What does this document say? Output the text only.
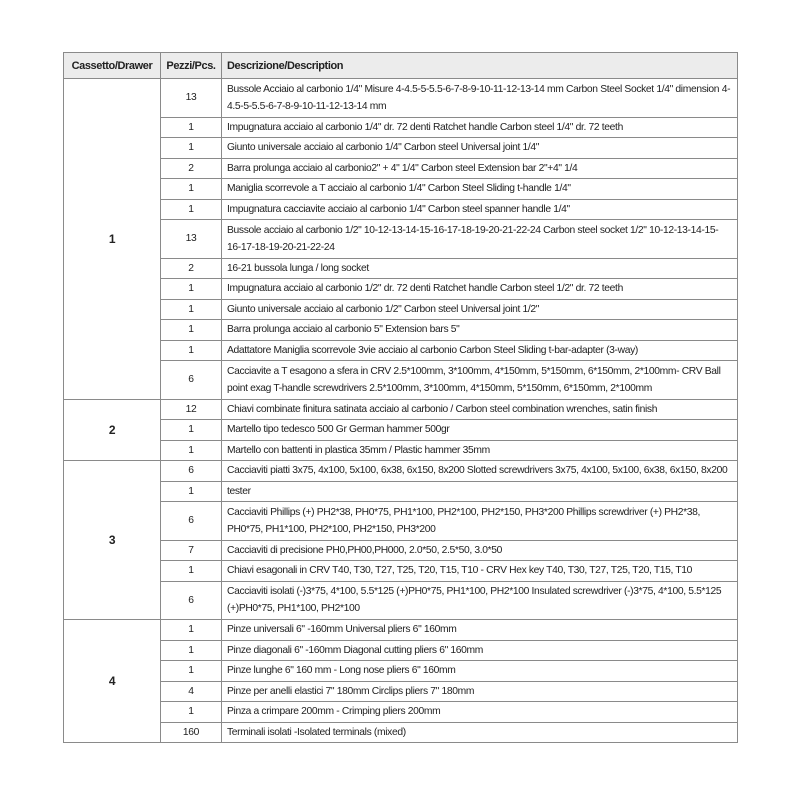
Cassetto/Drawer	Pezzi/Pcs.	Descrizione/Description
1	13	Bussole Acciaio al carbonio 1/4" Misure 4-4.5-5-5.5-6-7-8-9-10-11-12-13-14 mm Carbon Steel Socket 1/4" dimension 4-4.5-5-5.5-6-7-8-9-10-11-12-13-14 mm
	1	Impugnatura acciaio al carbonio 1/4" dr. 72 denti Ratchet handle Carbon steel 1/4" dr. 72 teeth
	1	Giunto universale acciaio al carbonio 1/4" Carbon steel Universal joint 1/4"
	2	Barra prolunga acciaio al carbonio2" + 4" 1/4" Carbon steel Extension bar 2"+4" 1/4
	1	Maniglia scorrevole a T acciaio al carbonio 1/4" Carbon Steel Sliding t-handle 1/4"
	1	Impugnatura cacciavite acciaio al carbonio 1/4" Carbon steel spanner handle 1/4"
	13	Bussole acciaio al carbonio 1/2" 10-12-13-14-15-16-17-18-19-20-21-22-24 Carbon steel socket 1/2" 10-12-13-14-15-16-17-18-19-20-21-22-24
	2	16-21 bussola lunga / long socket
	1	Impugnatura acciaio al carbonio 1/2" dr. 72 denti Ratchet handle Carbon steel 1/2" dr. 72 teeth
	1	Giunto universale acciaio al carbonio 1/2" Carbon steel Universal joint 1/2"
	1	Barra prolunga acciaio al carbonio 5" Extension bars 5"
	1	Adattatore Maniglia scorrevole 3vie acciaio al carbonio Carbon Steel Sliding t-bar-adapter (3-way)
	6	Cacciavite a T esagono a sfera in CRV 2.5*100mm, 3*100mm, 4*150mm, 5*150mm, 6*150mm, 2*100mm- CRV Ball point exag T-handle screwdrivers 2.5*100mm, 3*100mm, 4*150mm, 5*150mm, 6*150mm, 2*100mm
2	12	Chiavi combinate finitura satinata acciaio al carbonio / Carbon steel combination wrenches, satin finish
	1	Martello tipo tedesco 500 Gr German hammer 500gr
	1	Martello con battenti in plastica 35mm / Plastic hammer 35mm
3	6	Cacciaviti piatti 3x75, 4x100, 5x100, 6x38, 6x150, 8x200 Slotted screwdrivers 3x75, 4x100, 5x100, 6x38, 6x150, 8x200
	1	tester
	6	Cacciaviti Phillips (+) PH2*38, PH0*75, PH1*100, PH2*100, PH2*150, PH3*200 Phillips screwdriver (+) PH2*38, PH0*75, PH1*100, PH2*100, PH2*150, PH3*200
	7	Cacciaviti di precisione PH0,PH00,PH000, 2.0*50, 2.5*50, 3.0*50
	1	Chiavi esagonali in CRV T40, T30, T27, T25, T20, T15, T10 - CRV Hex key T40, T30, T27, T25, T20, T15, T10
	6	Cacciaviti isolati (-)3*75, 4*100, 5.5*125 (+)PH0*75, PH1*100, PH2*100 Insulated screwdriver (-)3*75, 4*100, 5.5*125 (+)PH0*75, PH1*100, PH2*100
4	1	Pinze universali 6" -160mm Universal pliers 6" 160mm
	1	Pinze diagonali 6" -160mm Diagonal cutting pliers 6" 160mm
	1	Pinze lunghe 6" 160 mm - Long nose pliers 6" 160mm
	4	Pinze per anelli elastici 7" 180mm Circlips pliers 7" 180mm
	1	Pinza a crimpare 200mm - Crimping pliers 200mm
	160	Terminali isolati -Isolated terminals (mixed)
